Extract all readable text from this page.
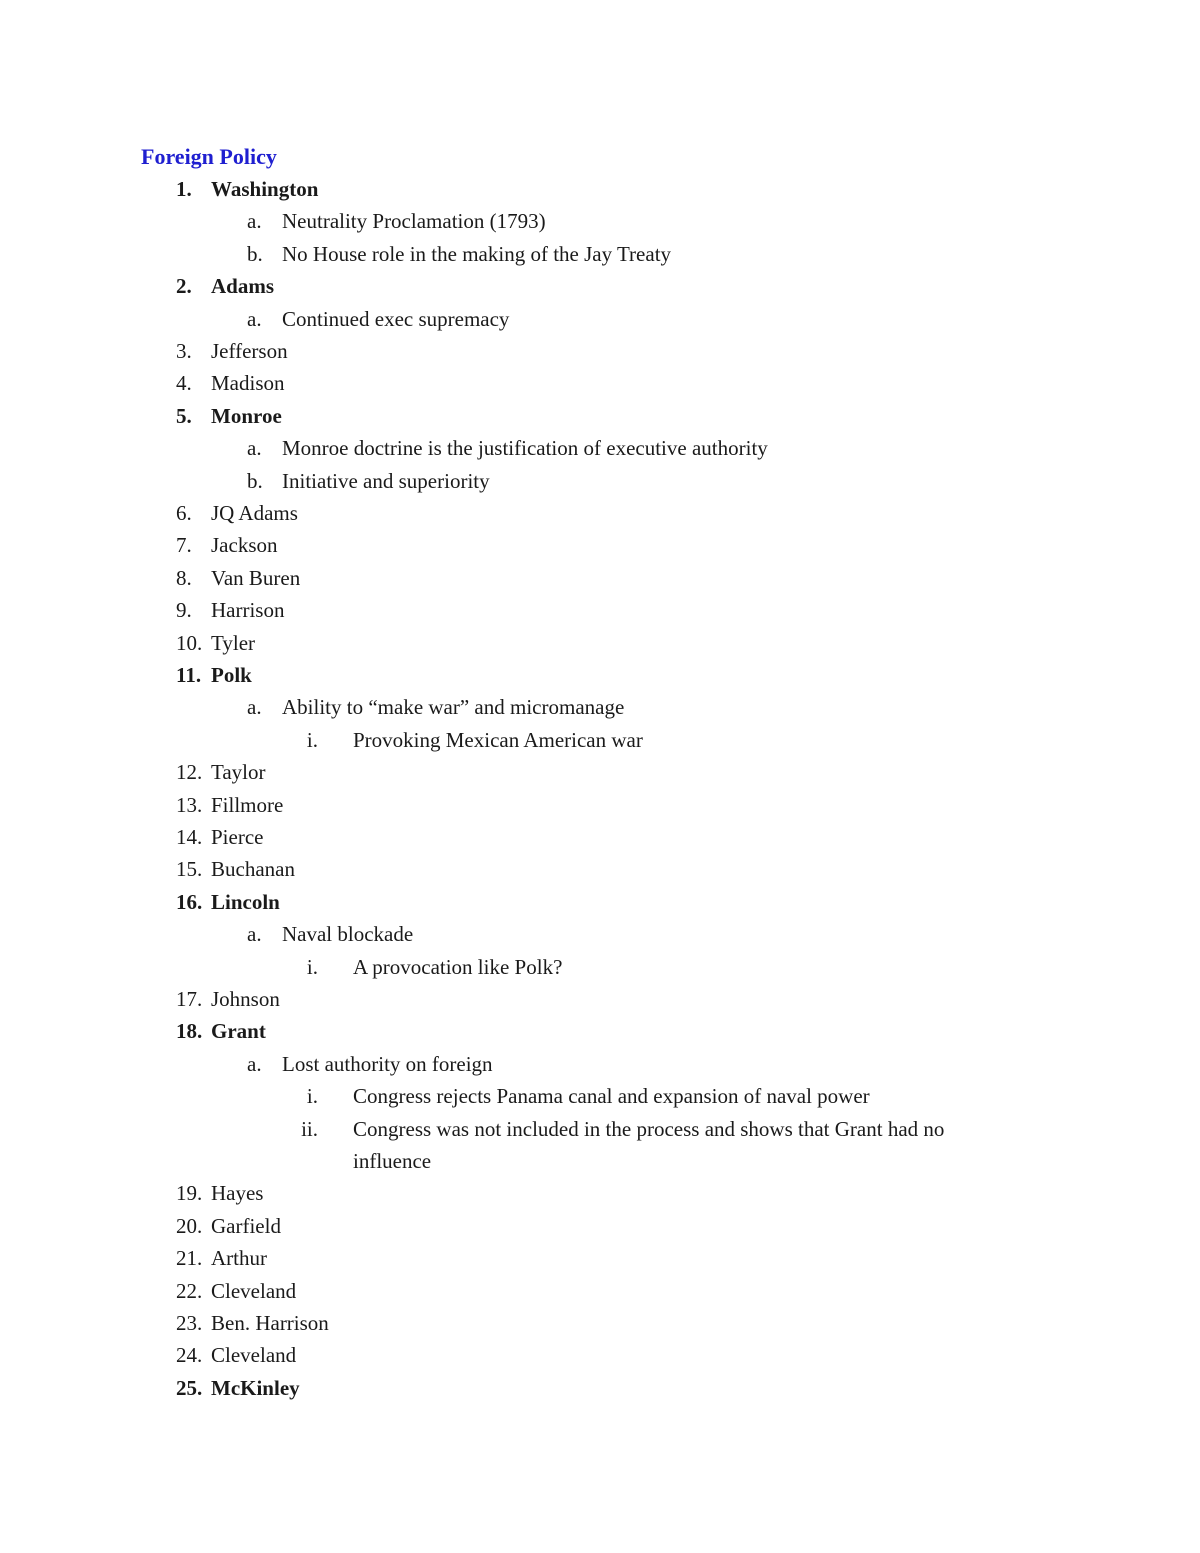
Foreign Policy
1. Washington
a. Neutrality Proclamation (1793)
b. No House role in the making of the Jay Treaty
2. Adams
a. Continued exec supremacy
3. Jefferson
4. Madison
5. Monroe
a. Monroe doctrine is the justification of executive authority
b. Initiative and superiority
6. JQ Adams
7. Jackson
8. Van Buren
9. Harrison
10. Tyler
11. Polk
a. Ability to “make war” and micromanage
i. Provoking Mexican American war
12. Taylor
13. Fillmore
14. Pierce
15. Buchanan
16. Lincoln
a. Naval blockade
i. A provocation like Polk?
17. Johnson
18. Grant
a. Lost authority on foreign
i. Congress rejects Panama canal and expansion of naval power
ii. Congress was not included in the process and shows that Grant had no
influence
19. Hayes
20. Garfield
21. Arthur
22. Cleveland
23. Ben. Harrison
24. Cleveland
25. McKinley
